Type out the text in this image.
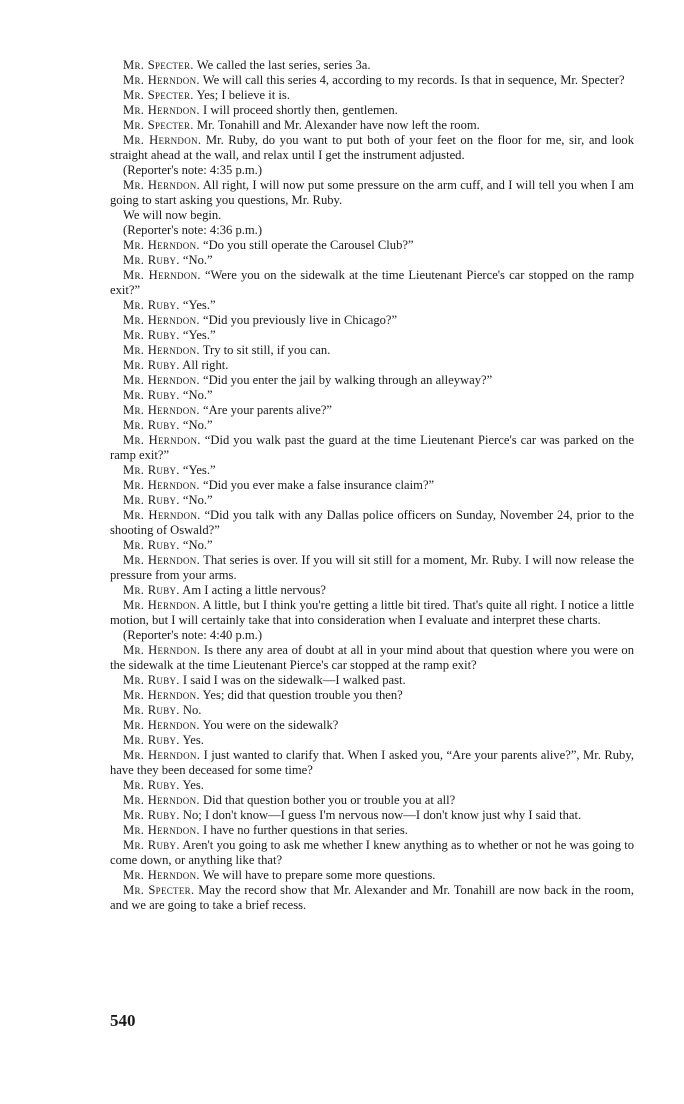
Mr. Specter. We called the last series, series 3a.

Mr. Herndon. We will call this series 4, according to my records. Is that in sequence, Mr. Specter?

Mr. Specter. Yes; I believe it is.

Mr. Herndon. I will proceed shortly then, gentlemen.

Mr. Specter. Mr. Tonahill and Mr. Alexander have now left the room.

Mr. Herndon. Mr. Ruby, do you want to put both of your feet on the floor for me, sir, and look straight ahead at the wall, and relax until I get the instrument adjusted.

(Reporter's note: 4:35 p.m.)

Mr. Herndon. All right, I will now put some pressure on the arm cuff, and I will tell you when I am going to start asking you questions, Mr. Ruby.

We will now begin.

(Reporter's note: 4:36 p.m.)

Mr. Herndon. “Do you still operate the Carousel Club?”

Mr. Ruby. “No.”

Mr. Herndon. “Were you on the sidewalk at the time Lieutenant Pierce's car stopped on the ramp exit?”

Mr. Ruby. “Yes.”

Mr. Herndon. “Did you previously live in Chicago?”

Mr. Ruby. “Yes.”

Mr. Herndon. Try to sit still, if you can.

Mr. Ruby. All right.

Mr. Herndon. “Did you enter the jail by walking through an alleyway?”

Mr. Ruby. “No.”

Mr. Herndon. “Are your parents alive?”

Mr. Ruby. “No.”

Mr. Herndon. “Did you walk past the guard at the time Lieutenant Pierce's car was parked on the ramp exit?”

Mr. Ruby. “Yes.”

Mr. Herndon. “Did you ever make a false insurance claim?”

Mr. Ruby. “No.”

Mr. Herndon. “Did you talk with any Dallas police officers on Sunday, November 24, prior to the shooting of Oswald?”

Mr. Ruby. “No.”

Mr. Herndon. That series is over. If you will sit still for a moment, Mr. Ruby. I will now release the pressure from your arms.

Mr. Ruby. Am I acting a little nervous?

Mr. Herndon. A little, but I think you're getting a little bit tired. That's quite all right. I notice a little motion, but I will certainly take that into consideration when I evaluate and interpret these charts.

(Reporter's note: 4:40 p.m.)

Mr. Herndon. Is there any area of doubt at all in your mind about that question where you were on the sidewalk at the time Lieutenant Pierce's car stopped at the ramp exit?

Mr. Ruby. I said I was on the sidewalk—I walked past.

Mr. Herndon. Yes; did that question trouble you then?

Mr. Ruby. No.

Mr. Herndon. You were on the sidewalk?

Mr. Ruby. Yes.

Mr. Herndon. I just wanted to clarify that. When I asked you, “Are your parents alive?”, Mr. Ruby, have they been deceased for some time?

Mr. Ruby. Yes.

Mr. Herndon. Did that question bother you or trouble you at all?

Mr. Ruby. No; I don't know—I guess I'm nervous now—I don't know just why I said that.

Mr. Herndon. I have no further questions in that series.

Mr. Ruby. Aren't you going to ask me whether I knew anything as to whether or not he was going to come down, or anything like that?

Mr. Herndon. We will have to prepare some more questions.

Mr. Specter. May the record show that Mr. Alexander and Mr. Tonahill are now back in the room, and we are going to take a brief recess.

540
